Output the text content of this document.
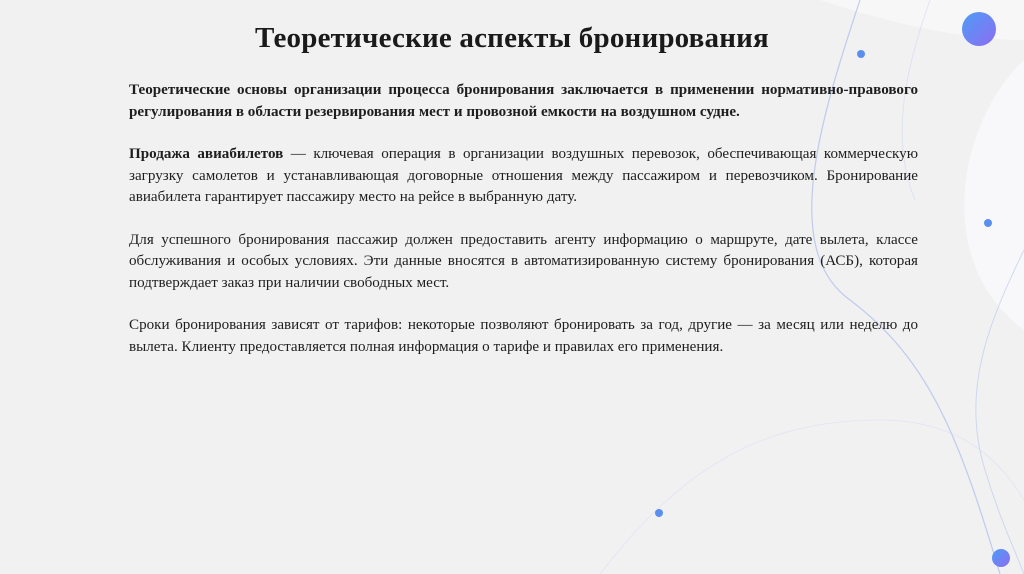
Теоретические аспекты бронирования

Теоретические основы организации процесса бронирования заключается в применении нормативно-правового регулирования в области резервирования мест и провозной емкости на воздушном судне.

Продажа авиабилетов — ключевая операция в организации воздушных перевозок, обеспечивающая коммерческую загрузку самолетов и устанавливающая договорные отношения между пассажиром и перевозчиком. Бронирование авиабилета гарантирует пассажиру место на рейсе в выбранную дату.

Для успешного бронирования пассажир должен предоставить агенту информацию о маршруте, дате вылета, классе обслуживания и особых условиях. Эти данные вносятся в автоматизированную систему бронирования (АСБ), которая подтверждает заказ при наличии свободных мест.

Сроки бронирования зависят от тарифов: некоторые позволяют бронировать за год, другие — за месяц или неделю до вылета. Клиенту предоставляется полная информация о тарифе и правилах его применения.
